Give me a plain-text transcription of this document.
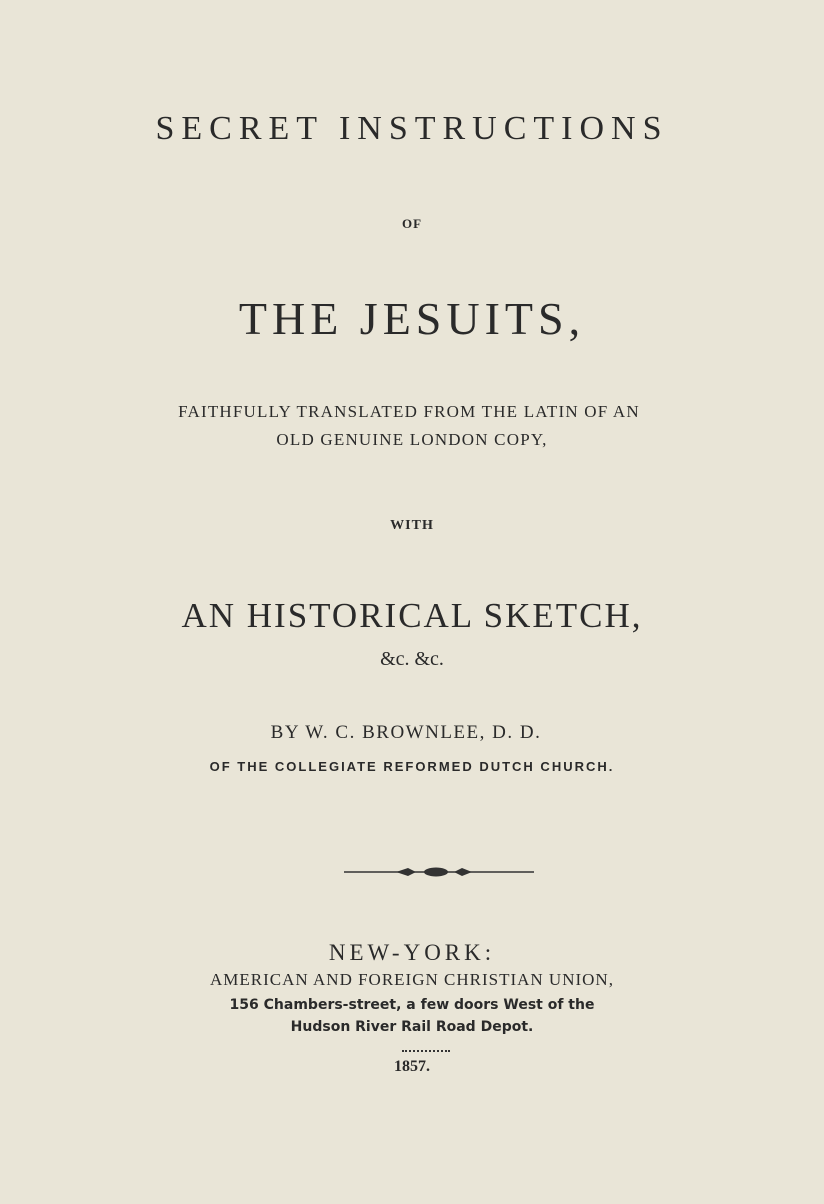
SECRET INSTRUCTIONS
OF
THE JESUITS,
FAITHFULLY TRANSLATED FROM THE LATIN OF AN
OLD GENUINE LONDON COPY,
WITH
AN HISTORICAL SKETCH,
&c. &c.
BY W. C. BROWNLEE, D. D.
OF THE COLLEGIATE REFORMED DUTCH CHURCH.
NEW-YORK:
AMERICAN AND FOREIGN CHRISTIAN UNION,
156 Chambers-street, a few doors West of the
Hudson River Rail Road Depot.
1857.
